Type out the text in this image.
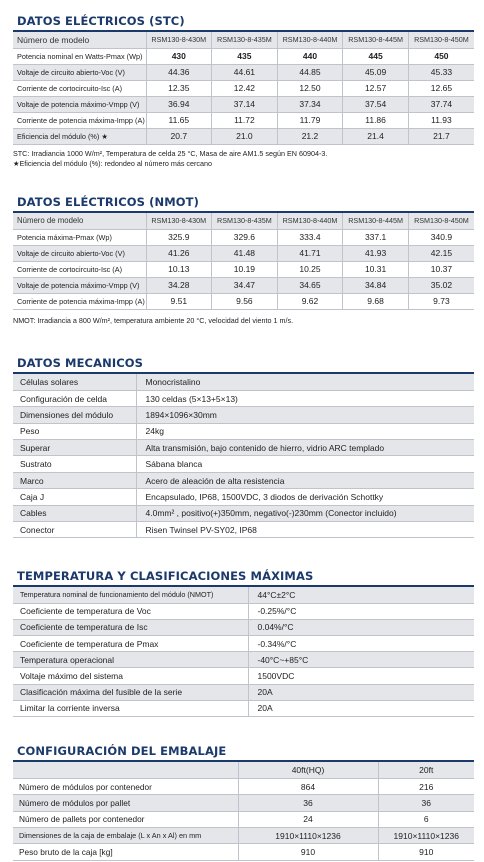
DATOS ELÉCTRICOS (STC)
Número de modelo	RSM130-8-430M	RSM130-8-435M	RSM130-8-440M	RSM130-8-445M	RSM130-8-450M
Potencia nominal en Watts-Pmax (Wp)	430	435	440	445	450
Voltaje de circuito abierto-Voc (V)	44.36	44.61	44.85	45.09	45.33
Corriente de cortocircuito-Isc (A)	12.35	12.42	12.50	12.57	12.65
Voltaje de potencia máximo-Vmpp (V)	36.94	37.14	37.34	37.54	37.74
Corriente de potencia máxima-Impp (A)	11.65	11.72	11.79	11.86	11.93
Eficiencia del módulo (%) ★	20.7	21.0	21.2	21.4	21.7
STC: Irradiancia 1000 W/m², Temperatura de celda 25 °C, Masa de aire AM1.5 según EN 60904-3.
★Eficiencia del módulo (%): redondeo al número más cercano
DATOS ELÉCTRICOS (NMOT)
Número de modelo	RSM130-8-430M	RSM130-8-435M	RSM130-8-440M	RSM130-8-445M	RSM130-8-450M
Potencia máxima-Pmax (Wp)	325.9	329.6	333.4	337.1	340.9
Voltaje de circuito abierto-Voc (V)	41.26	41.48	41.71	41.93	42.15
Corriente de cortocircuito-Isc (A)	10.13	10.19	10.25	10.31	10.37
Voltaje de potencia máximo-Vmpp (V)	34.28	34.47	34.65	34.84	35.02
Corriente de potencia máxima-Impp (A)	9.51	9.56	9.62	9.68	9.73
NMOT: Irradiancia a 800 W/m², temperatura ambiente 20 °C, velocidad del viento 1 m/s.
DATOS MECANICOS
Células solares	Monocristalino
Configuración de celda	130 celdas (5×13+5×13)
Dimensiones del módulo	1894×1096×30mm
Peso	24kg
Superar	Alta transmisión, bajo contenido de hierro, vidrio ARC templado
Sustrato	Sábana blanca
Marco	Acero de aleación de alta resistencia
Caja J	Encapsulado, IP68, 1500VDC, 3 diodos de derivación Schottky
Cables	4.0mm² , positivo(+)350mm, negativo(-)230mm (Conector incluido)
Conector	Risen Twinsel PV-SY02, IP68
TEMPERATURA Y CLASIFICACIONES MÁXIMAS
Temperatura nominal de funcionamiento del módulo (NMOT)	44°C±2°C
Coeficiente de temperatura de Voc	-0.25%/°C
Coeficiente de temperatura de Isc	0.04%/°C
Coeficiente de temperatura de Pmax	-0.34%/°C
Temperatura operacional	-40°C~+85°C
Voltaje máximo del sistema	1500VDC
Clasificación máxima del fusible de la serie	20A
Limitar la corriente inversa	20A
CONFIGURACIÓN DEL EMBALAJE
	40ft(HQ)	20ft
Número de módulos por contenedor	864	216
Número de módulos por pallet	36	36
Número de pallets por contenedor	24	6
Dimensiones de la caja de embalaje (L x An x Al) en mm	1910×1110×1236	1910×1110×1236
Peso bruto de la caja [kg]	910	910
